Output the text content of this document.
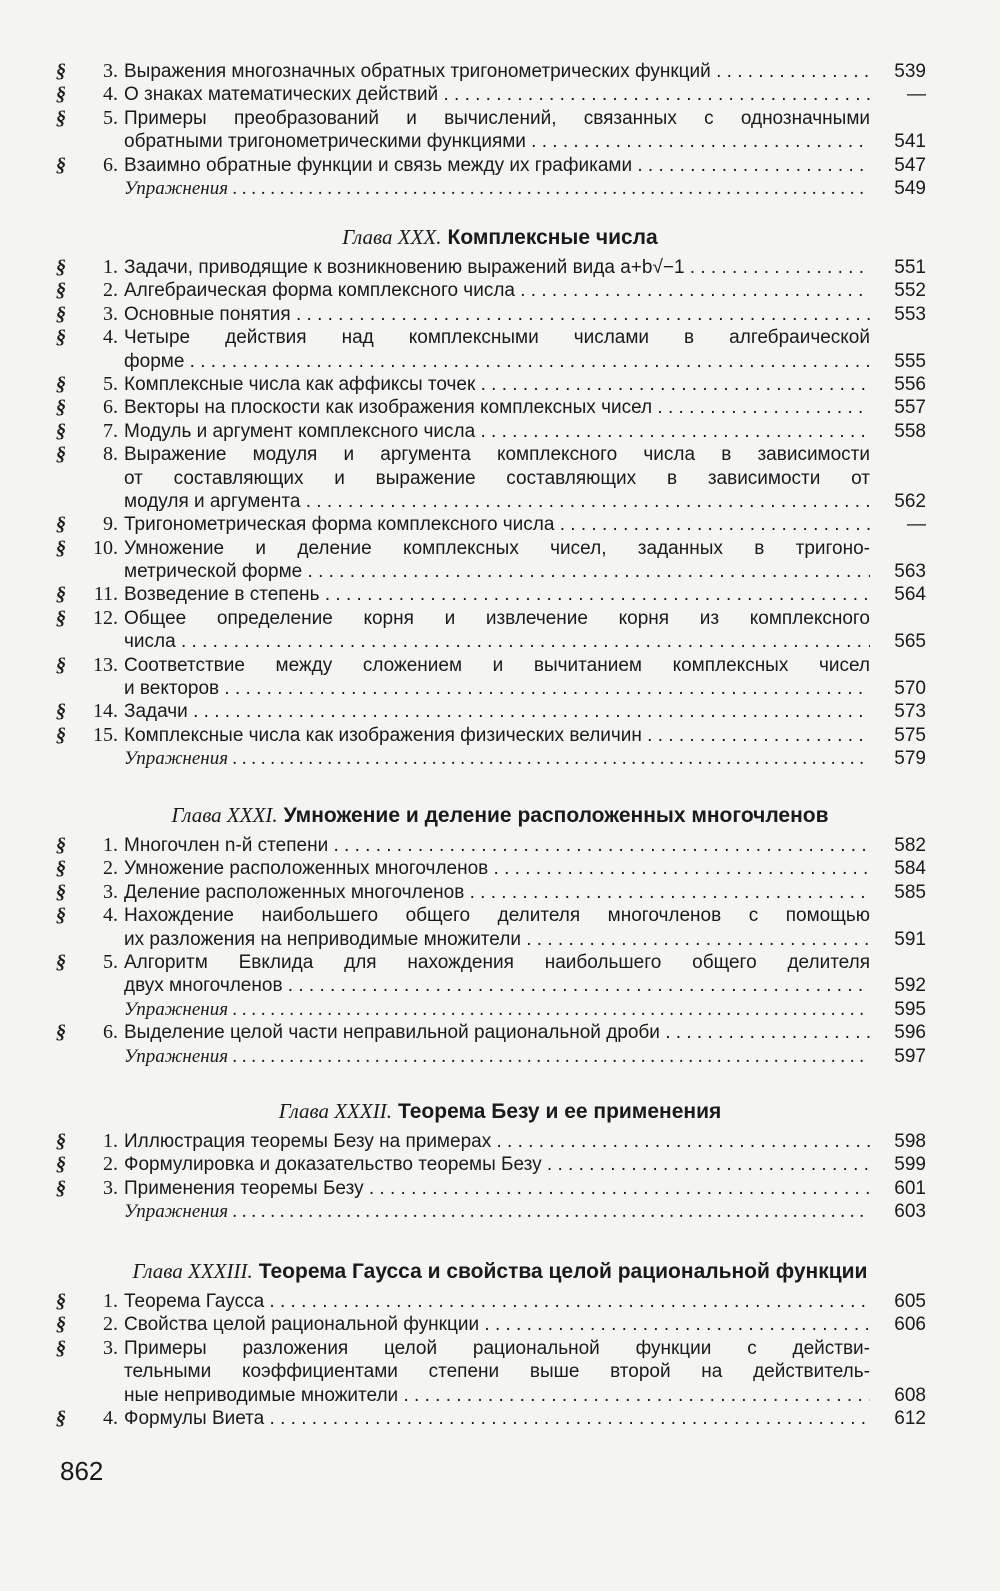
§	3. Выражения многозначных обратных тригонометрических функций . . .	539
§	4. О знаках математических действий . . .	—
§	5. Примеры преобразований и вычислений, связанных с однозначными
обратными тригонометрическими функциями . . .	541
§	6. Взаимно обратные функции и связь между их графиками . . .	547
Упражнения . . .	549
Глава XXX. Комплексные числа
§	1. Задачи, приводящие к возникновению выражений вида a+b√−1 . . .	551
§	2. Алгебраическая форма комплексного числа . . .	552
§	3. Основные понятия . . .	553
§	4. Четыре действия над комплексными числами в алгебраической
форме . . .	555
§	5. Комплексные числа как аффиксы точек . . .	556
§	6. Векторы на плоскости как изображения комплексных чисел . . .	557
§	7. Модуль и аргумент комплексного числа . . .	558
§	8. Выражение модуля и аргумента комплексного числа в зависимости
от составляющих и выражение составляющих в зависимости от
модуля и аргумента . . .	562
§	9. Тригонометрическая форма комплексного числа . . .	—
§	10. Умножение и деление комплексных чисел, заданных в тригоно-
метрической форме . . .	563
§	11. Возведение в степень . . .	564
§	12. Общее определение корня и извлечение корня из комплексного
числа . . .	565
§	13. Соответствие между сложением и вычитанием комплексных чисел
и векторов . . .	570
§	14. Задачи . . .	573
§	15. Комплексные числа как изображения физических величин . . .	575
Упражнения . . .	579
Глава XXXI. Умножение и деление расположенных многочленов
§	1. Многочлен n-й степени . . .	582
§	2. Умножение расположенных многочленов . . .	584
§	3. Деление расположенных многочленов . . .	585
§	4. Нахождение наибольшего общего делителя многочленов с помощью
их разложения на неприводимые множители . . .	591
§	5. Алгоритм Евклида для нахождения наибольшего общего делителя
двух многочленов . . .	592
Упражнения . . .	595
§	6. Выделение целой части неправильной рациональной дроби . . .	596
Упражнения . . .	597
Глава XXXII. Теорема Безу и ее применения
§	1. Иллюстрация теоремы Безу на примерах . . .	598
§	2. Формулировка и доказательство теоремы Безу . . .	599
§	3. Применения теоремы Безу . . .	601
Упражнения . . .	603
Глава XXXIII. Теорема Гаусса и свойства целой рациональной функции
§	1. Теорема Гаусса . . .	605
§	2. Свойства целой рациональной функции . . .	606
§	3. Примеры разложения целой рациональной функции с действи-
тельными коэффициентами степени выше второй на действитель-
ные неприводимые множители . . .	608
§	4. Формулы Виета . . .	612
862
